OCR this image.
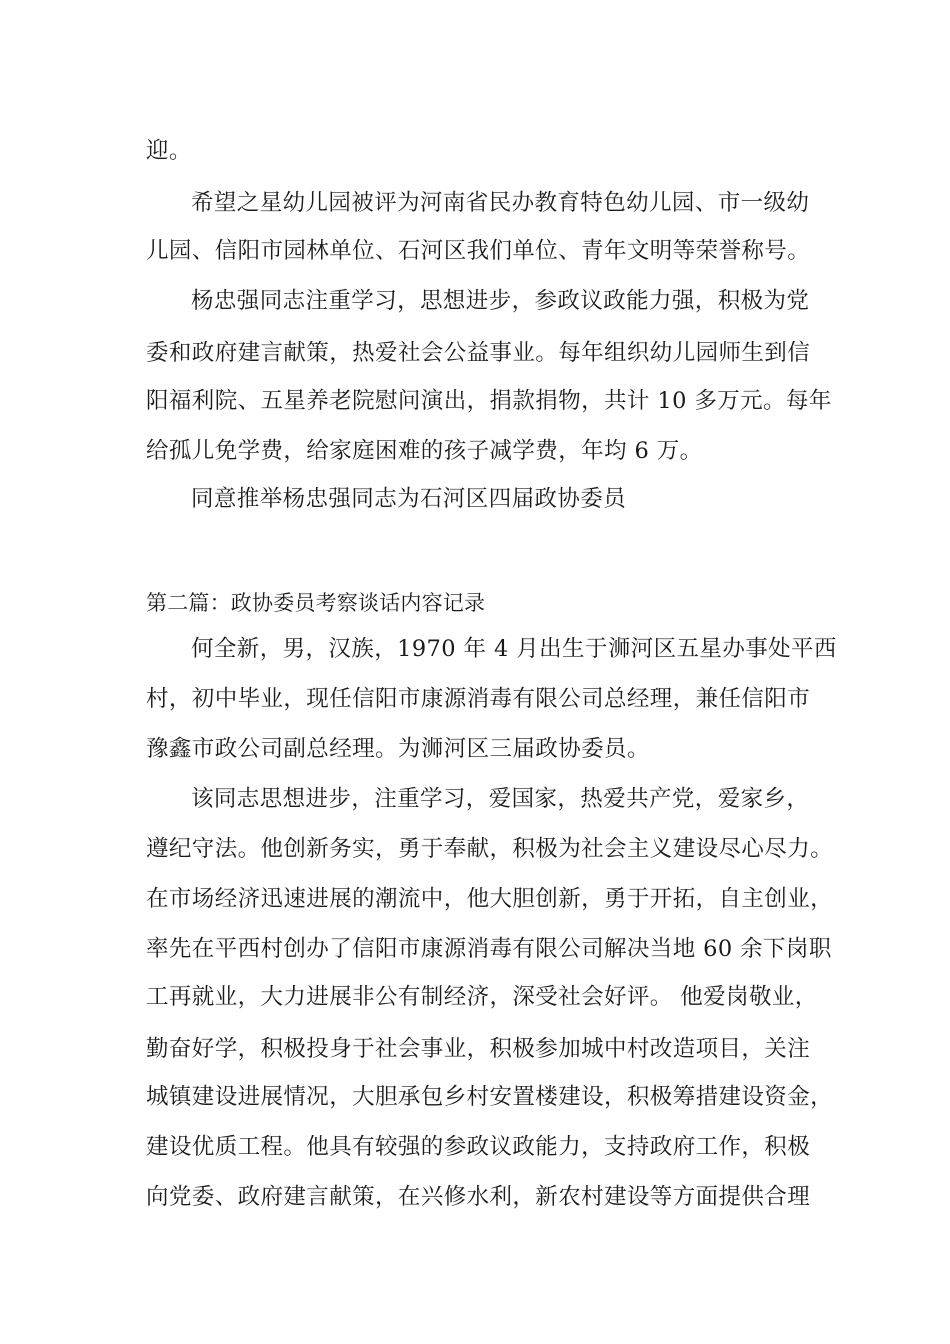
迎。
希望之星幼儿园被评为河南省民办教育特色幼儿园、市一级幼
儿园、信阳市园林单位、石河区我们单位、青年文明等荣誉称号。
杨忠强同志注重学习，思想进步，参政议政能力强，积极为党
委和政府建言献策，热爱社会公益事业。每年组织幼儿园师生到信
阳福利院、五星养老院慰问演出，捐款捐物，共计 10 多万元。每年
给孤儿免学费，给家庭困难的孩子减学费，年均 6 万。
同意推举杨忠强同志为石河区四届政协委员
第二篇：政协委员考察谈话内容记录
何全新，男，汉族，1970 年 4 月出生于浉河区五星办事处平西
村，初中毕业，现任信阳市康源消毒有限公司总经理，兼任信阳市
豫鑫市政公司副总经理。为浉河区三届政协委员。
该同志思想进步，注重学习，爱国家，热爱共产党，爱家乡，
遵纪守法。他创新务实，勇于奉献，积极为社会主义建设尽心尽力。
在市场经济迅速进展的潮流中，他大胆创新，勇于开拓，自主创业，
率先在平西村创办了信阳市康源消毒有限公司解决当地 60 余下岗职
工再就业，大力进展非公有制经济，深受社会好评。 他爱岗敬业，
勤奋好学，积极投身于社会事业，积极参加城中村改造项目，关注
城镇建设进展情况，大胆承包乡村安置楼建设，积极筹措建设资金，
建设优质工程。他具有较强的参政议政能力，支持政府工作，积极
向党委、政府建言献策，在兴修水利，新农村建设等方面提供合理
